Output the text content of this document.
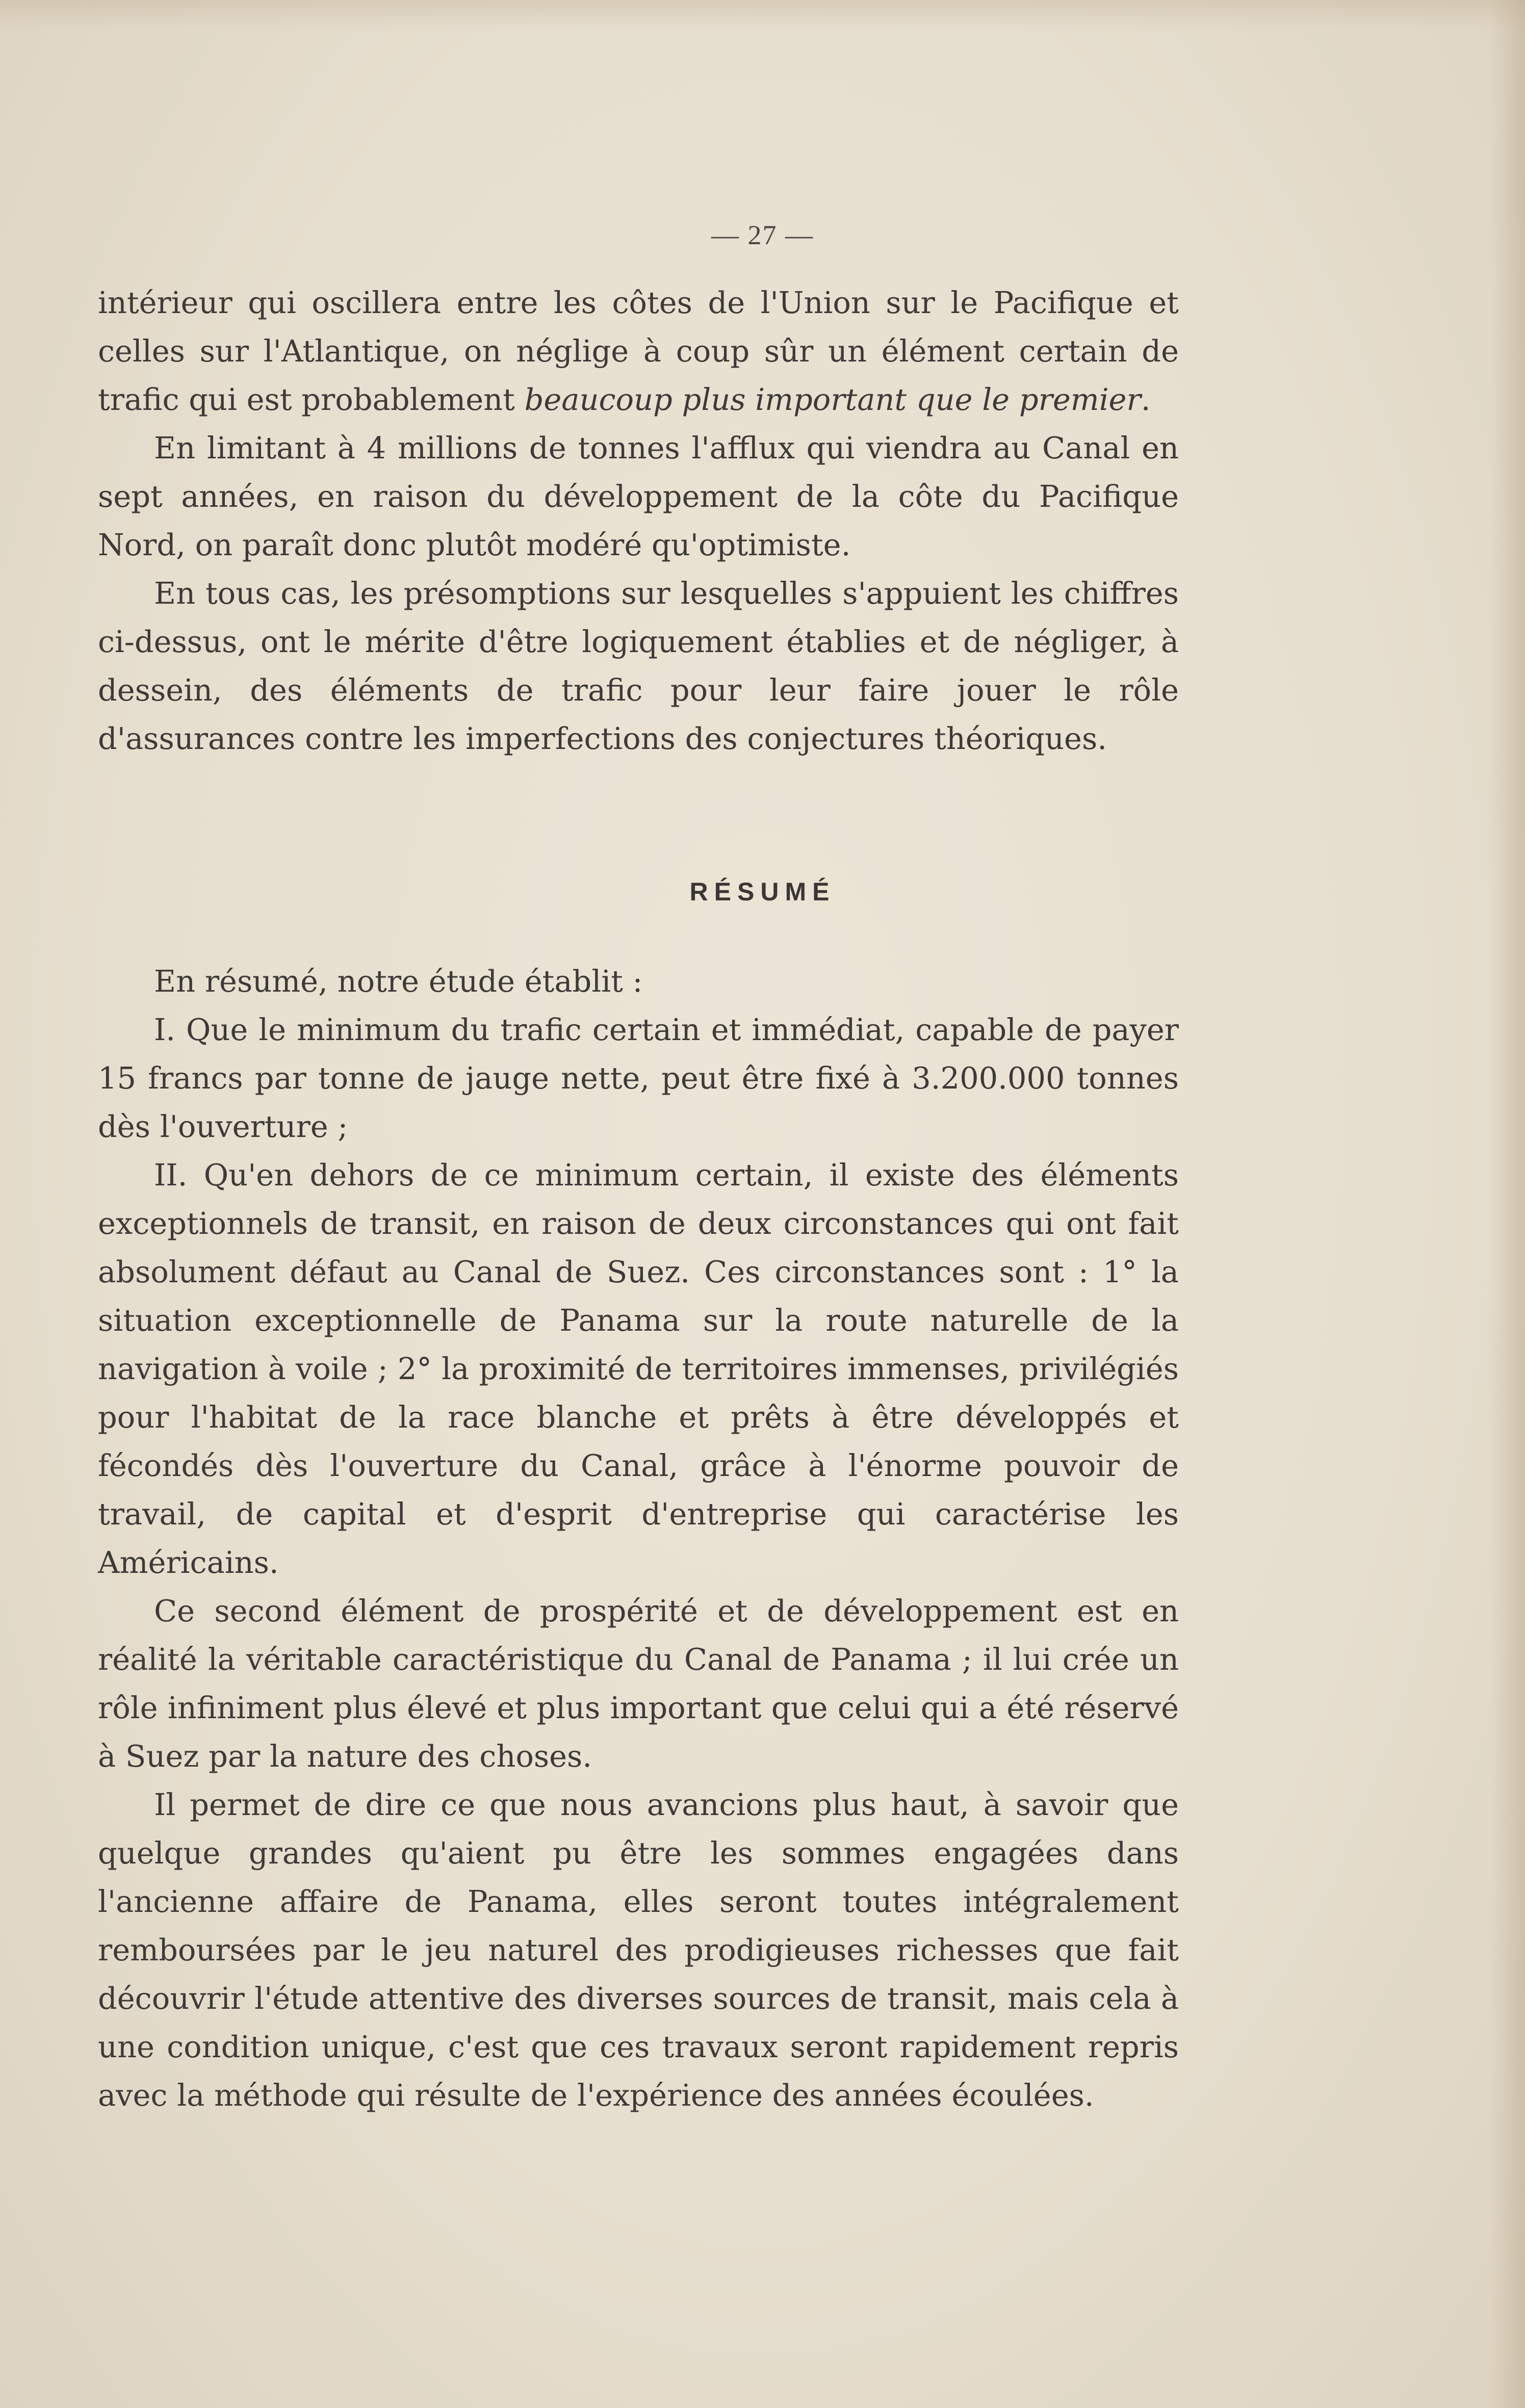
— 27 —

intérieur qui oscillera entre les côtes de l'Union sur le Pacifique et celles sur l'Atlantique, on néglige à coup sûr un élément certain de trafic qui est probablement beaucoup plus important que le premier.

En limitant à 4 millions de tonnes l'afflux qui viendra au Canal en sept années, en raison du développement de la côte du Pacifique Nord, on paraît donc plutôt modéré qu'optimiste.

En tous cas, les présomptions sur lesquelles s'appuient les chiffres ci-dessus, ont le mérite d'être logiquement établies et de négliger, à dessein, des éléments de trafic pour leur faire jouer le rôle d'assurances contre les imperfections des conjectures théoriques.

RÉSUMÉ

En résumé, notre étude établit :

I. Que le minimum du trafic certain et immédiat, capable de payer 15 francs par tonne de jauge nette, peut être fixé à 3.200.000 tonnes dès l'ouverture ;

II. Qu'en dehors de ce minimum certain, il existe des éléments exceptionnels de transit, en raison de deux circonstances qui ont fait absolument défaut au Canal de Suez. Ces circonstances sont : 1° la situation exceptionnelle de Panama sur la route naturelle de la navigation à voile ; 2° la proximité de territoires immenses, privilégiés pour l'habitat de la race blanche et prêts à être développés et fécondés dès l'ouverture du Canal, grâce à l'énorme pouvoir de travail, de capital et d'esprit d'entreprise qui caractérise les Américains.

Ce second élément de prospérité et de développement est en réalité la véritable caractéristique du Canal de Panama ; il lui crée un rôle infiniment plus élevé et plus important que celui qui a été réservé à Suez par la nature des choses.

Il permet de dire ce que nous avancions plus haut, à savoir que quelque grandes qu'aient pu être les sommes engagées dans l'ancienne affaire de Panama, elles seront toutes intégralement remboursées par le jeu naturel des prodigieuses richesses que fait découvrir l'étude attentive des diverses sources de transit, mais cela à une condition unique, c'est que ces travaux seront rapidement repris avec la méthode qui résulte de l'expérience des années écoulées.
